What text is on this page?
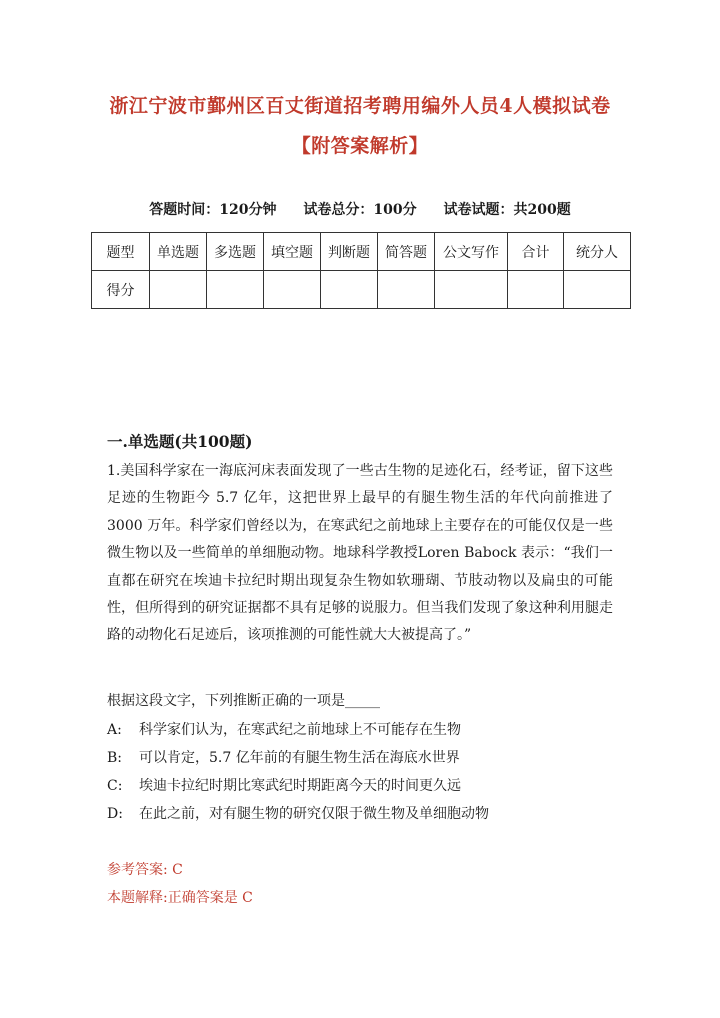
浙江宁波市鄞州区百丈街道招考聘用编外人员4人模拟试卷【附答案解析】
答题时间：120分钟 试卷总分：100分 试卷试题：共200题
题型	单选题	多选题	填空题	判断题	简答题	公文写作	合计	统分人
得分								
一.单选题(共100题)
1.美国科学家在一海底河床表面发现了一些古生物的足迹化石，经考证，留下这些足迹的生物距今 5.7 亿年，这把世界上最早的有腿生物生活的年代向前推进了 3000 万年。科学家们曾经以为，在寒武纪之前地球上主要存在的可能仅仅是一些微生物以及一些简单的单细胞动物。地球科学教授Loren Babock 表示：“我们一直都在研究在埃迪卡拉纪时期出现复杂生物如软珊瑚、节肢动物以及扁虫的可能性，但所得到的研究证据都不具有足够的说服力。但当我们发现了象这种利用腿走路的动物化石足迹后，该项推测的可能性就大大被提高了。”
根据这段文字，下列推断正确的一项是_____
A: 科学家们认为，在寒武纪之前地球上不可能存在生物
B: 可以肯定，5.7 亿年前的有腿生物生活在海底水世界
C: 埃迪卡拉纪时期比寒武纪时期距离今天的时间更久远
D: 在此之前，对有腿生物的研究仅限于微生物及单细胞动物
参考答案: C
本题解释:正确答案是 C
